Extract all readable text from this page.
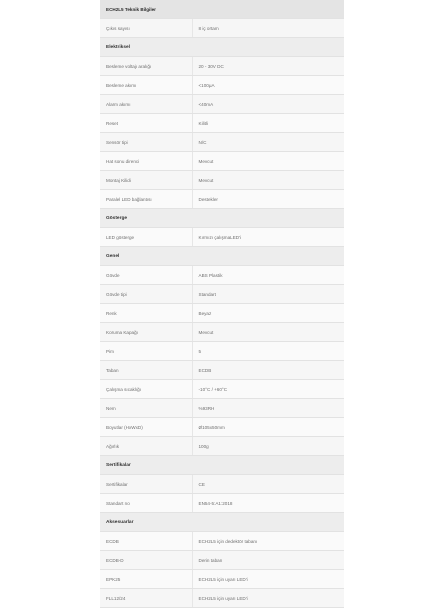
ECH2L5 Teknik Bilgiler	
Çıkıs sayısı	8 iç ortam
Elektriksel	
Besleme voltajı aralığı	20 - 30V DC
Besleme akımı	<100μA
Alarm akımı	<40mA
Reset	Kilitli
Sensör tipi	N/C
Hat sonu direnci	Mevcut
Montaj Kilidi	Mevcut
Paralel LED bağlantısı	Destekler
Gösterge	
LED gösterge	Kırmızı çalışmaLED'i
Genel	
Gövde	ABS Plastik
Gövde tipi	Standart
Renk	Beyaz
Koruma Kapağı	Mevcut
Pim	5
Taban	ECDB
Çalışma sıcaklığı	-10°C / +60°C
Nem	%93RH
Boyutlar (HxWxD)	Ø105x50mm
Ağırlık	100g
Sertifikalar	
Sertifikalar	CE
Standart no	EN54-5:A1:2018
Aksesuarlar	
ECDB	ECH2L5 için dedektör tabanı
ECDB-D	Derin taban
EPK25	ECH2L5 için uyarı LED'i
FLL12/24	ECH2L5 için uyarı LED'i
